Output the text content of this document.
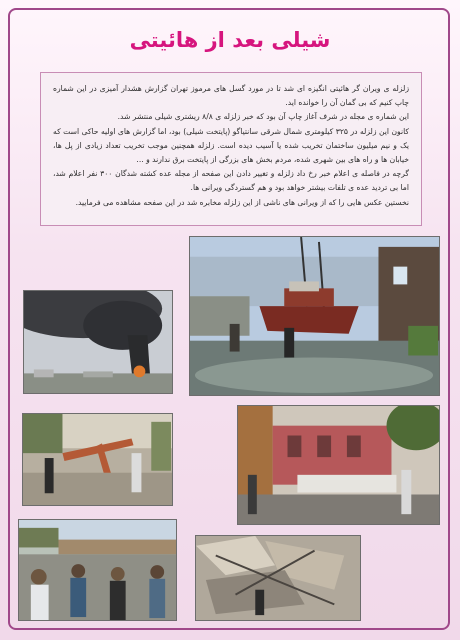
شیلی بعد از هائیتی

زلزله ی ویران گر هائیتی انگیزه ای شد تا در مورد گسل های مرموز تهران گزارش هشدار آمیزی در این شماره چاپ کنیم که بی گمان آن را خوانده اید.

این شماره ی مجله در شرف آغاز چاپ آن بود که خبر زلزله ی ۸/۸ ریشتری شیلی منتشر شد.

کانون این زلزله در ۳۲۵ کیلومتری شمال شرقی سانتیاگو (پایتخت شیلی) بود، اما گزارش های اولیه حاکی است که یک و نیم میلیون ساختمان تخریب شده یا آسیب دیده است. زلزله همچنین موجب تخریب تعداد زیادی از پل ها، خیابان ها و راه های بین شهری شده، مردم بخش های بزرگی از پایتخت برق ندارند و ...

گرچه در فاصله ی اعلام خبر رخ داد زلزله و تغییر دادن این صفحه از مجله عده کشته شدگان ۳۰۰ نفر اعلام شد، اما بی تردید عده ی تلفات بیشتر خواهد بود و هم گستردگی ویرانی ها.

نخستین عکس هایی را که از ویرانی های ناشی از این زلزله مخابره شد در این صفحه مشاهده می فرمایید.
